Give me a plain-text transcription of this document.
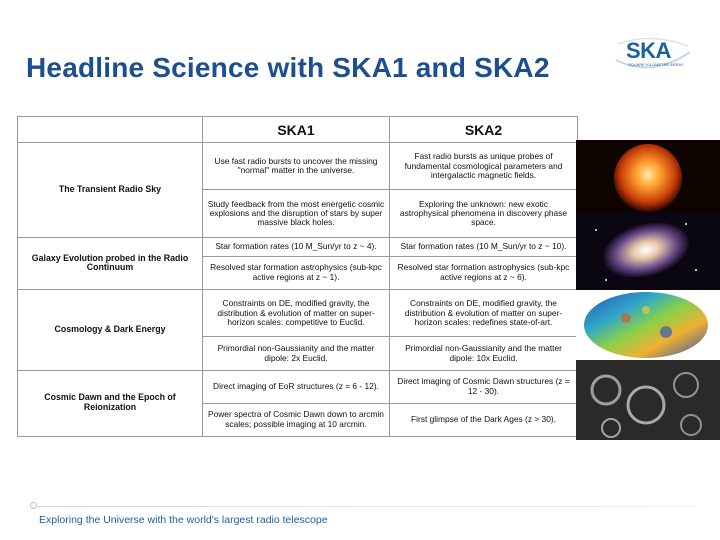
Headline Science with SKA1 and SKA2
SKA
SQUARE KILOMETRE ARRAY
	SKA1	SKA2
The Transient Radio Sky	Use fast radio bursts to uncover the missing "normal" matter in the universe.	Fast radio bursts as unique probes of fundamental cosmological parameters and intergalactic magnetic fields.
	Study feedback from the most energetic cosmic explosions and the disruption of stars by super massive black holes.	Exploring the unknown: new exotic astrophysical phenomena in discovery phase space.
Galaxy Evolution probed in the Radio Continuum	Star formation rates (10 M_Sun/yr to z ~ 4).	Star formation rates (10 M_Sun/yr to z ~ 10).
	Resolved star formation astrophysics (sub-kpc active regions at z ~ 1).	Resolved star formation astrophysics (sub-kpc active regions at z ~ 6).
Cosmology & Dark Energy	Constraints on DE, modified gravity, the distribution & evolution of matter on super-horizon scales: competitive to Euclid.	Constraints on DE, modified gravity, the distribution & evolution of matter on super-horizon scales: redefines state-of-art.
	Primordial non-Gaussianity and the matter dipole: 2x Euclid.	Primordial non-Gaussianity and the matter dipole: 10x Euclid.
Cosmic Dawn and the Epoch of Reionization	Direct imaging of EoR structures (z = 6 - 12).	Direct imaging of Cosmic Dawn structures (z = 12 - 30).
	Power spectra of Cosmic Dawn down to arcmin scales; possible imaging at 10 arcmin.	First glimpse of the Dark Ages (z > 30).
Exploring the Universe with the world's largest radio telescope
